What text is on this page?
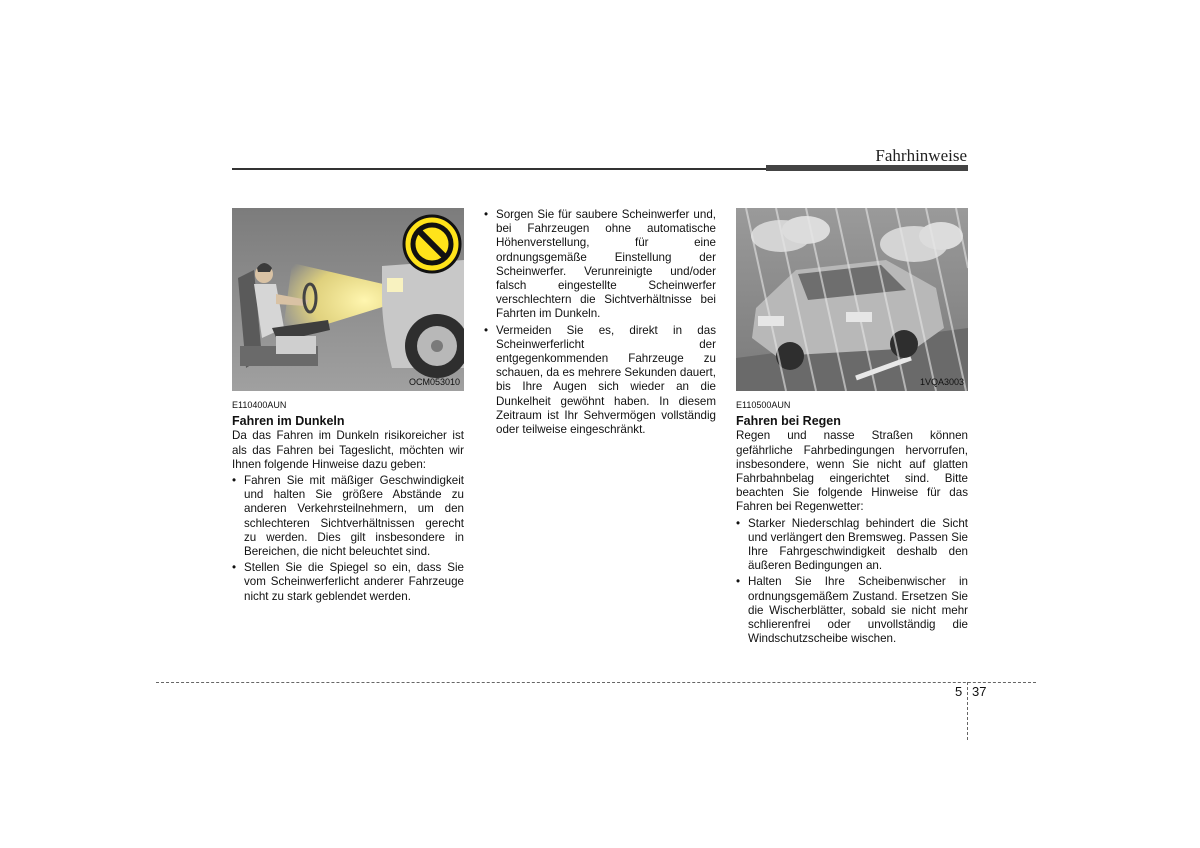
Fahrhinweise
OCM053010
E110400AUN
Fahren im Dunkeln
Da das Fahren im Dunkeln risikoreicher ist als das Fahren bei Tageslicht, möchten wir Ihnen folgende Hinweise dazu geben:
• Fahren Sie mit mäßiger Geschwindigkeit und halten Sie größere Abstände zu anderen Verkehrsteilnehmern, um den schlechteren Sichtverhältnissen gerecht zu werden. Dies gilt insbesondere in Bereichen, die nicht beleuchtet sind.
• Stellen Sie die Spiegel so ein, dass Sie vom Scheinwerferlicht anderer Fahrzeuge nicht zu stark geblendet werden.
• Sorgen Sie für saubere Scheinwerfer und, bei Fahrzeugen ohne automatische Höhenverstellung, für eine ordnungsgemäße Einstellung der Scheinwerfer. Verunreinigte und/oder falsch eingestellte Scheinwerfer verschlechtern die Sichtverhältnisse bei Fahrten im Dunkeln.
• Vermeiden Sie es, direkt in das Scheinwerferlicht der entgegenkommenden Fahrzeuge zu schauen, da es mehrere Sekunden dauert, bis Ihre Augen sich wieder an die Dunkelheit gewöhnt haben. In diesem Zeitraum ist Ihr Sehvermögen vollständig oder teilweise eingeschränkt.
1VQA3003
E110500AUN
Fahren bei Regen
Regen und nasse Straßen können gefährliche Fahrbedingungen hervorrufen, insbesondere, wenn Sie nicht auf glatten Fahrbahnbelag eingerichtet sind. Bitte beachten Sie folgende Hinweise für das Fahren bei Regenwetter:
• Starker Niederschlag behindert die Sicht und verlängert den Bremsweg. Passen Sie Ihre Fahrgeschwindigkeit deshalb den äußeren Bedingungen an.
• Halten Sie Ihre Scheibenwischer in ordnungsgemäßem Zustand. Ersetzen Sie die Wischerblätter, sobald sie nicht mehr schlierenfrei oder unvollständig die Windschutzscheibe wischen.
5 37
